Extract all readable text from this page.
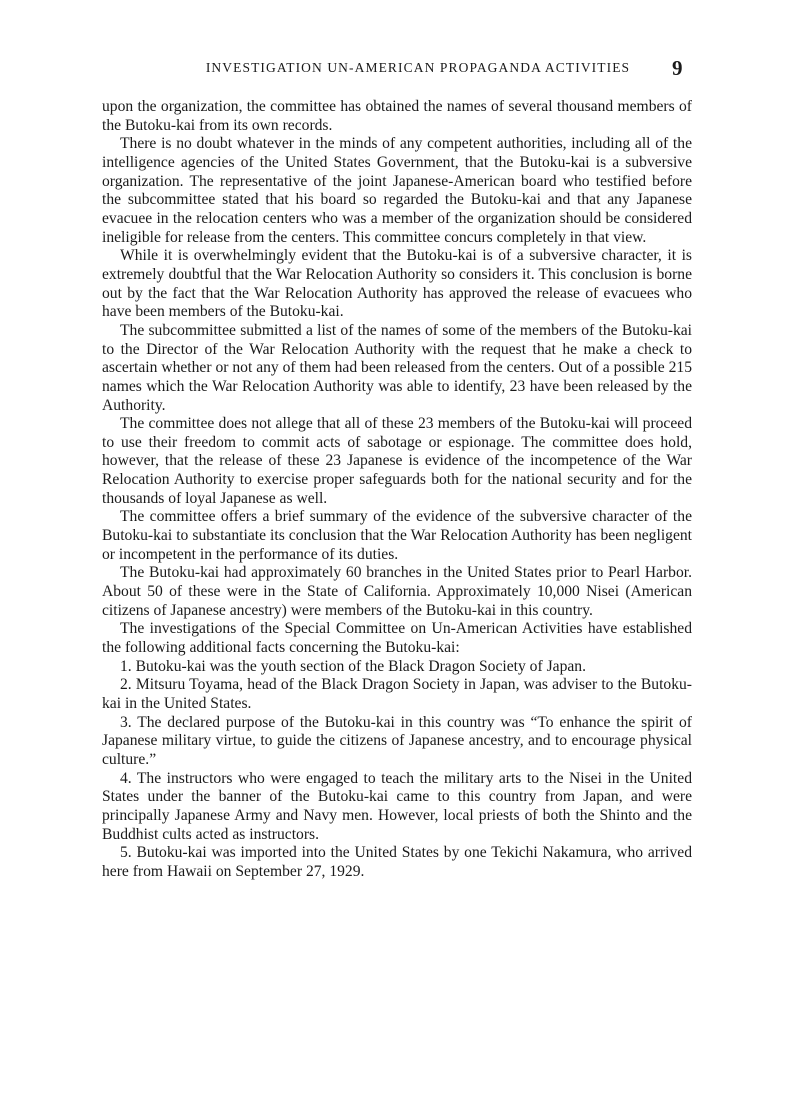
INVESTIGATION UN-AMERICAN PROPAGANDA ACTIVITIES	9

upon the organization, the committee has obtained the names of several thousand members of the Butoku-kai from its own records.

There is no doubt whatever in the minds of any competent authorities, including all of the intelligence agencies of the United States Government, that the Butoku-kai is a subversive organization. The representative of the joint Japanese-American board who testified before the subcommittee stated that his board so regarded the Butoku-kai and that any Japanese evacuee in the relocation centers who was a member of the organization should be considered ineligible for release from the centers. This committee concurs completely in that view.

While it is overwhelmingly evident that the Butoku-kai is of a subversive character, it is extremely doubtful that the War Relocation Authority so considers it. This conclusion is borne out by the fact that the War Relocation Authority has approved the release of evacuees who have been members of the Butoku-kai.

The subcommittee submitted a list of the names of some of the members of the Butoku-kai to the Director of the War Relocation Authority with the request that he make a check to ascertain whether or not any of them had been released from the centers. Out of a possible 215 names which the War Relocation Authority was able to identify, 23 have been released by the Authority.

The committee does not allege that all of these 23 members of the Butoku-kai will proceed to use their freedom to commit acts of sabotage or espionage. The committee does hold, however, that the release of these 23 Japanese is evidence of the incompetence of the War Relocation Authority to exercise proper safeguards both for the national security and for the thousands of loyal Japanese as well.

The committee offers a brief summary of the evidence of the subversive character of the Butoku-kai to substantiate its conclusion that the War Relocation Authority has been negligent or incompetent in the performance of its duties.

The Butoku-kai had approximately 60 branches in the United States prior to Pearl Harbor. About 50 of these were in the State of California. Approximately 10,000 Nisei (American citizens of Japanese ancestry) were members of the Butoku-kai in this country.

The investigations of the Special Committee on Un-American Activities have established the following additional facts concerning the Butoku-kai:

1. Butoku-kai was the youth section of the Black Dragon Society of Japan.

2. Mitsuru Toyama, head of the Black Dragon Society in Japan, was adviser to the Butoku-kai in the United States.

3. The declared purpose of the Butoku-kai in this country was “To enhance the spirit of Japanese military virtue, to guide the citizens of Japanese ancestry, and to encourage physical culture.”

4. The instructors who were engaged to teach the military arts to the Nisei in the United States under the banner of the Butoku-kai came to this country from Japan, and were principally Japanese Army and Navy men. However, local priests of both the Shinto and the Buddhist cults acted as instructors.

5. Butoku-kai was imported into the United States by one Tekichi Nakamura, who arrived here from Hawaii on September 27, 1929.
